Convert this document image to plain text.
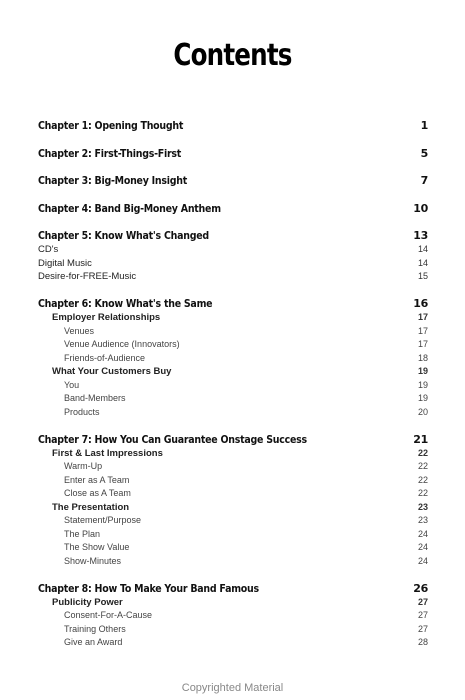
Contents
Chapter 1: Opening Thought	1
Chapter 2: First-Things-First	5
Chapter 3: Big-Money Insight	7
Chapter 4: Band Big-Money Anthem	10
Chapter 5: Know What's Changed	13
CD's	14
Digital Music	14
Desire-for-FREE-Music	15
Chapter 6: Know What's the Same	16
Employer Relationships	17
Venues	17
Venue Audience (Innovators)	17
Friends-of-Audience	18
What Your Customers Buy	19
You	19
Band-Members	19
Products	20
Chapter 7: How You Can Guarantee Onstage Success	21
First & Last Impressions	22
Warm-Up	22
Enter as A Team	22
Close as A Team	22
The Presentation	23
Statement/Purpose	23
The Plan	24
The Show Value	24
Show-Minutes	24
Chapter 8: How To Make Your Band Famous	26
Publicity Power	27
Consent-For-A-Cause	27
Training Others	27
Give an Award	28
Copyrighted Material
